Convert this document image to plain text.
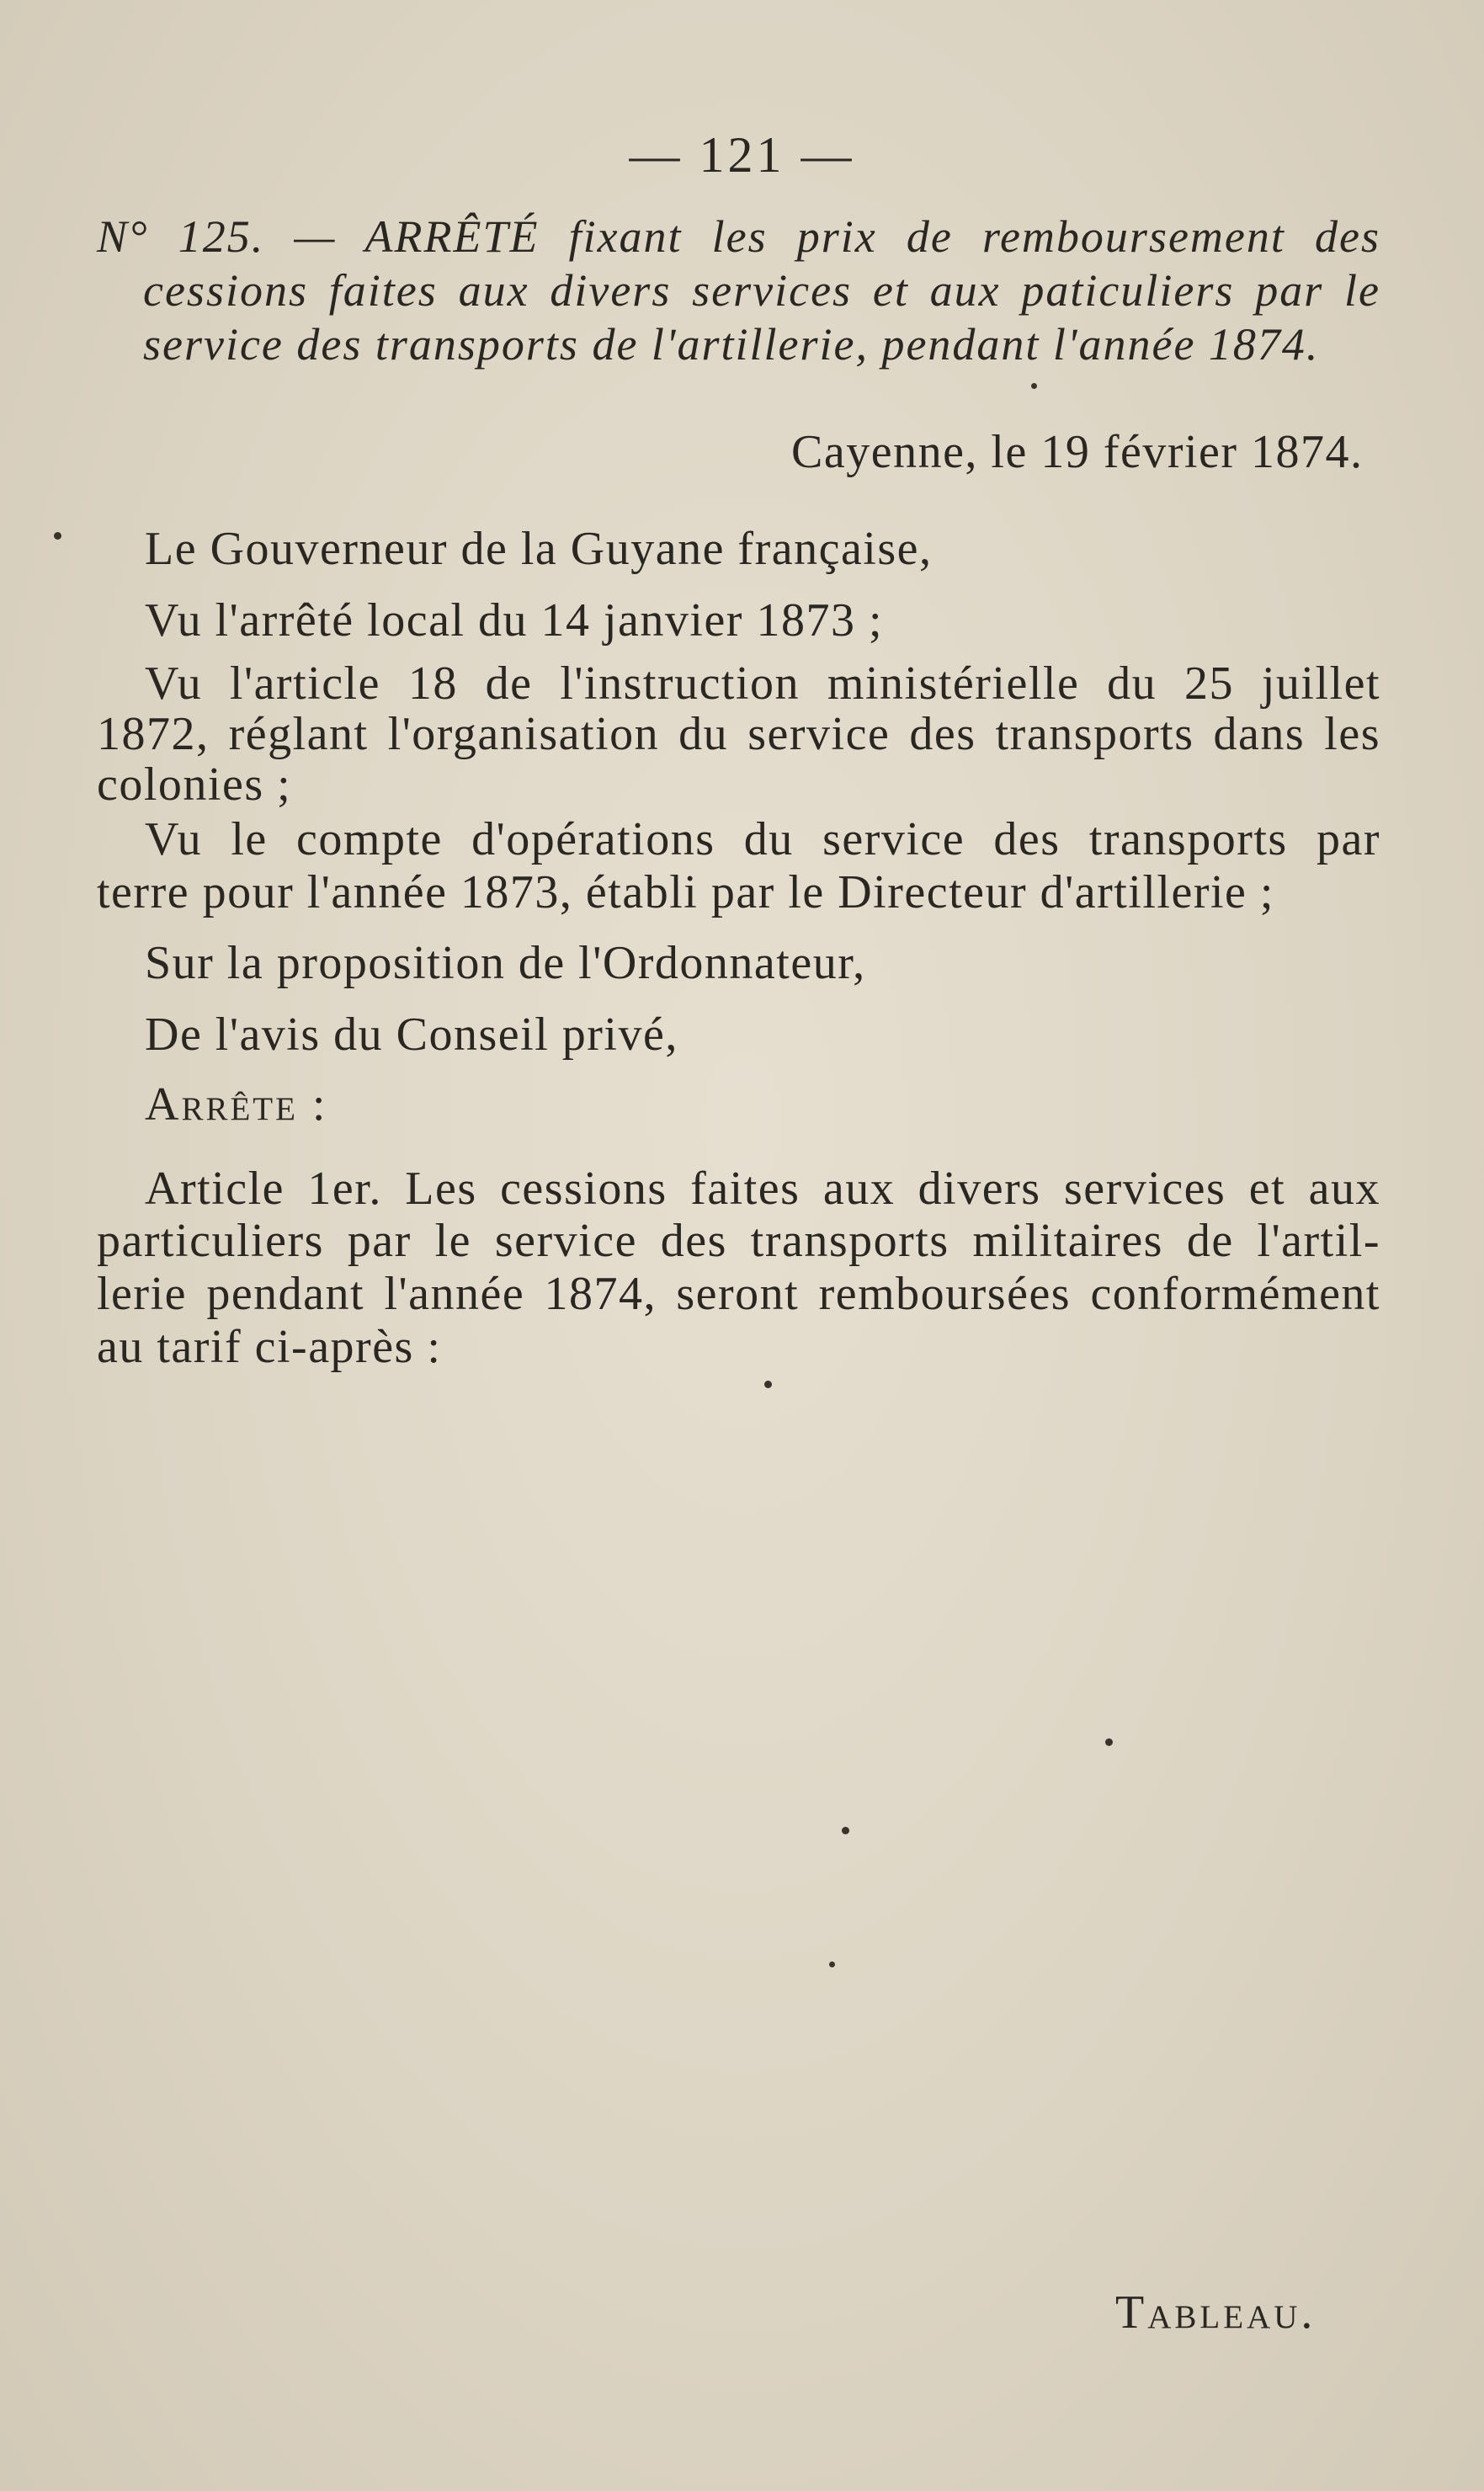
— 121 —

N° 125. — ARRÊTÉ fixant les prix de remboursement des

cessions faites aux divers services et aux paticuliers par le

service des transports de l'artillerie, pendant l'année 1874.

Cayenne, le 19 février 1874.

Le Gouverneur de la Guyane française,

Vu l'arrêté local du 14 janvier 1873 ;

Vu l'article 18 de l'instruction ministérielle du 25 juillet

1872, réglant l'organisation du service des transports dans les

colonies ;

Vu le compte d'opérations du service des transports par

terre pour l'année 1873, établi par le Directeur d'artillerie ;

Sur la proposition de l'Ordonnateur,

De l'avis du Conseil privé,

Arrête :

Article 1er. Les cessions faites aux divers services et aux

particuliers par le service des transports militaires de l'artil-

lerie pendant l'année 1874, seront remboursées conformément

au tarif ci-après :

Tableau.
